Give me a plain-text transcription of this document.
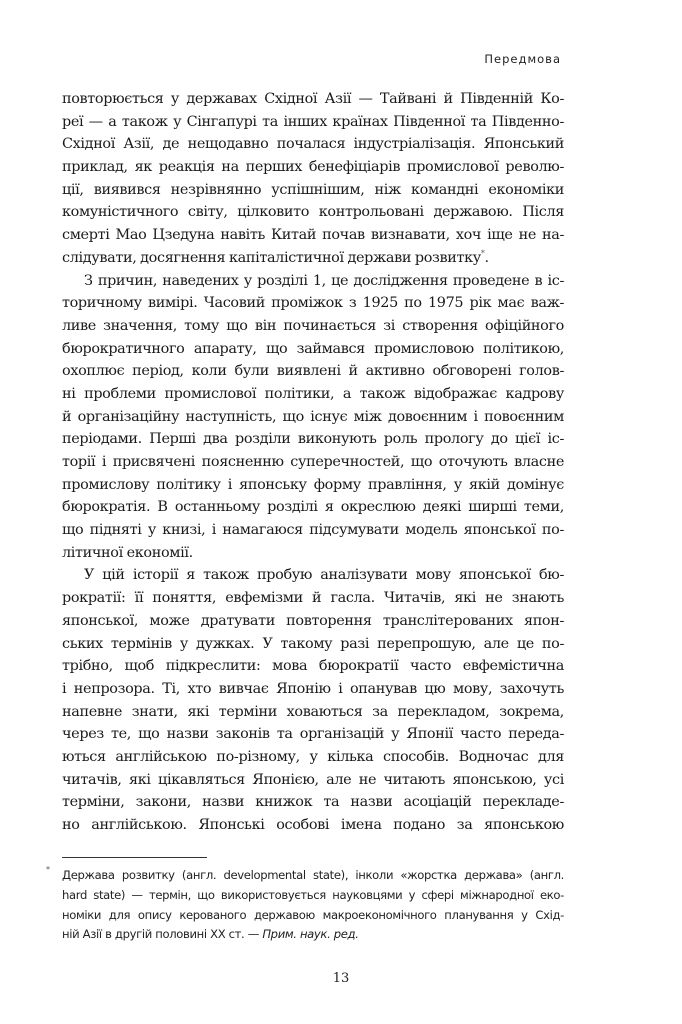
Передмова
повторюється у державах Східної Азії — Тайвані й Південній Ко-
реї — а також у Сінгапурі та інших країнах Південної та Південно-
Східної Азії, де нещодавно почалася індустріалізація. Японський
приклад, як реакція на перших бенефіціарів промислової револю-
ції, виявився незрівнянно успішнішим, ніж командні економіки
комуністичного світу, цілковито контрольовані державою. Після
смерті Мао Цзедуна навіть Китай почав визнавати, хоч іще не на-
слідувати, досягнення капіталістичної держави розвитку*.
З причин, наведених у розділі 1, це дослідження проведене в іс-
торичному вимірі. Часовий проміжок з 1925 по 1975 рік має важ-
ливе значення, тому що він починається зі створення офіційного
бюрократичного апарату, що займався промисловою політикою,
охоплює період, коли були виявлені й активно обговорені голов-
ні проблеми промислової політики, а також відображає кадрову
й організаційну наступність, що існує між довоєнним і повоєнним
періодами. Перші два розділи виконують роль прологу до цієї іс-
торії і присвячені поясненню суперечностей, що оточують власне
промислову політику і японську форму правління, у якій домінує
бюрократія. В останньому розділі я окреслюю деякі ширші теми,
що підняті у книзі, і намагаюся підсумувати модель японської по-
літичної економії.
У цій історії я також пробую аналізувати мову японської бю-
рократії: її поняття, евфемізми й гасла. Читачів, які не знають
японської, може дратувати повторення транслітерованих япон-
ських термінів у дужках. У такому разі перепрошую, але це по-
трібно, щоб підкреслити: мова бюрократії часто евфемістична
і непрозора. Ті, хто вивчає Японію і опанував цю мову, захочуть
напевне знати, які терміни ховаються за перекладом, зокрема,
через те, що назви законів та організацій у Японії часто переда-
ються англійською по-різному, у кілька способів. Водночас для
читачів, які цікавляться Японією, але не читають японською, усі
терміни, закони, назви книжок та назви асоціацій перекладе-
но англійською. Японські особові імена подано за японською
* Держава розвитку (англ. developmental state), інколи «жорстка держава» (англ.
hard state) — термін, що використовується науковцями у сфері міжнародної еко-
номіки для опису керованого державою макроекономічного планування у Схід-
ній Азії в другій половині XX ст. — Прим. наук. ред.
13
